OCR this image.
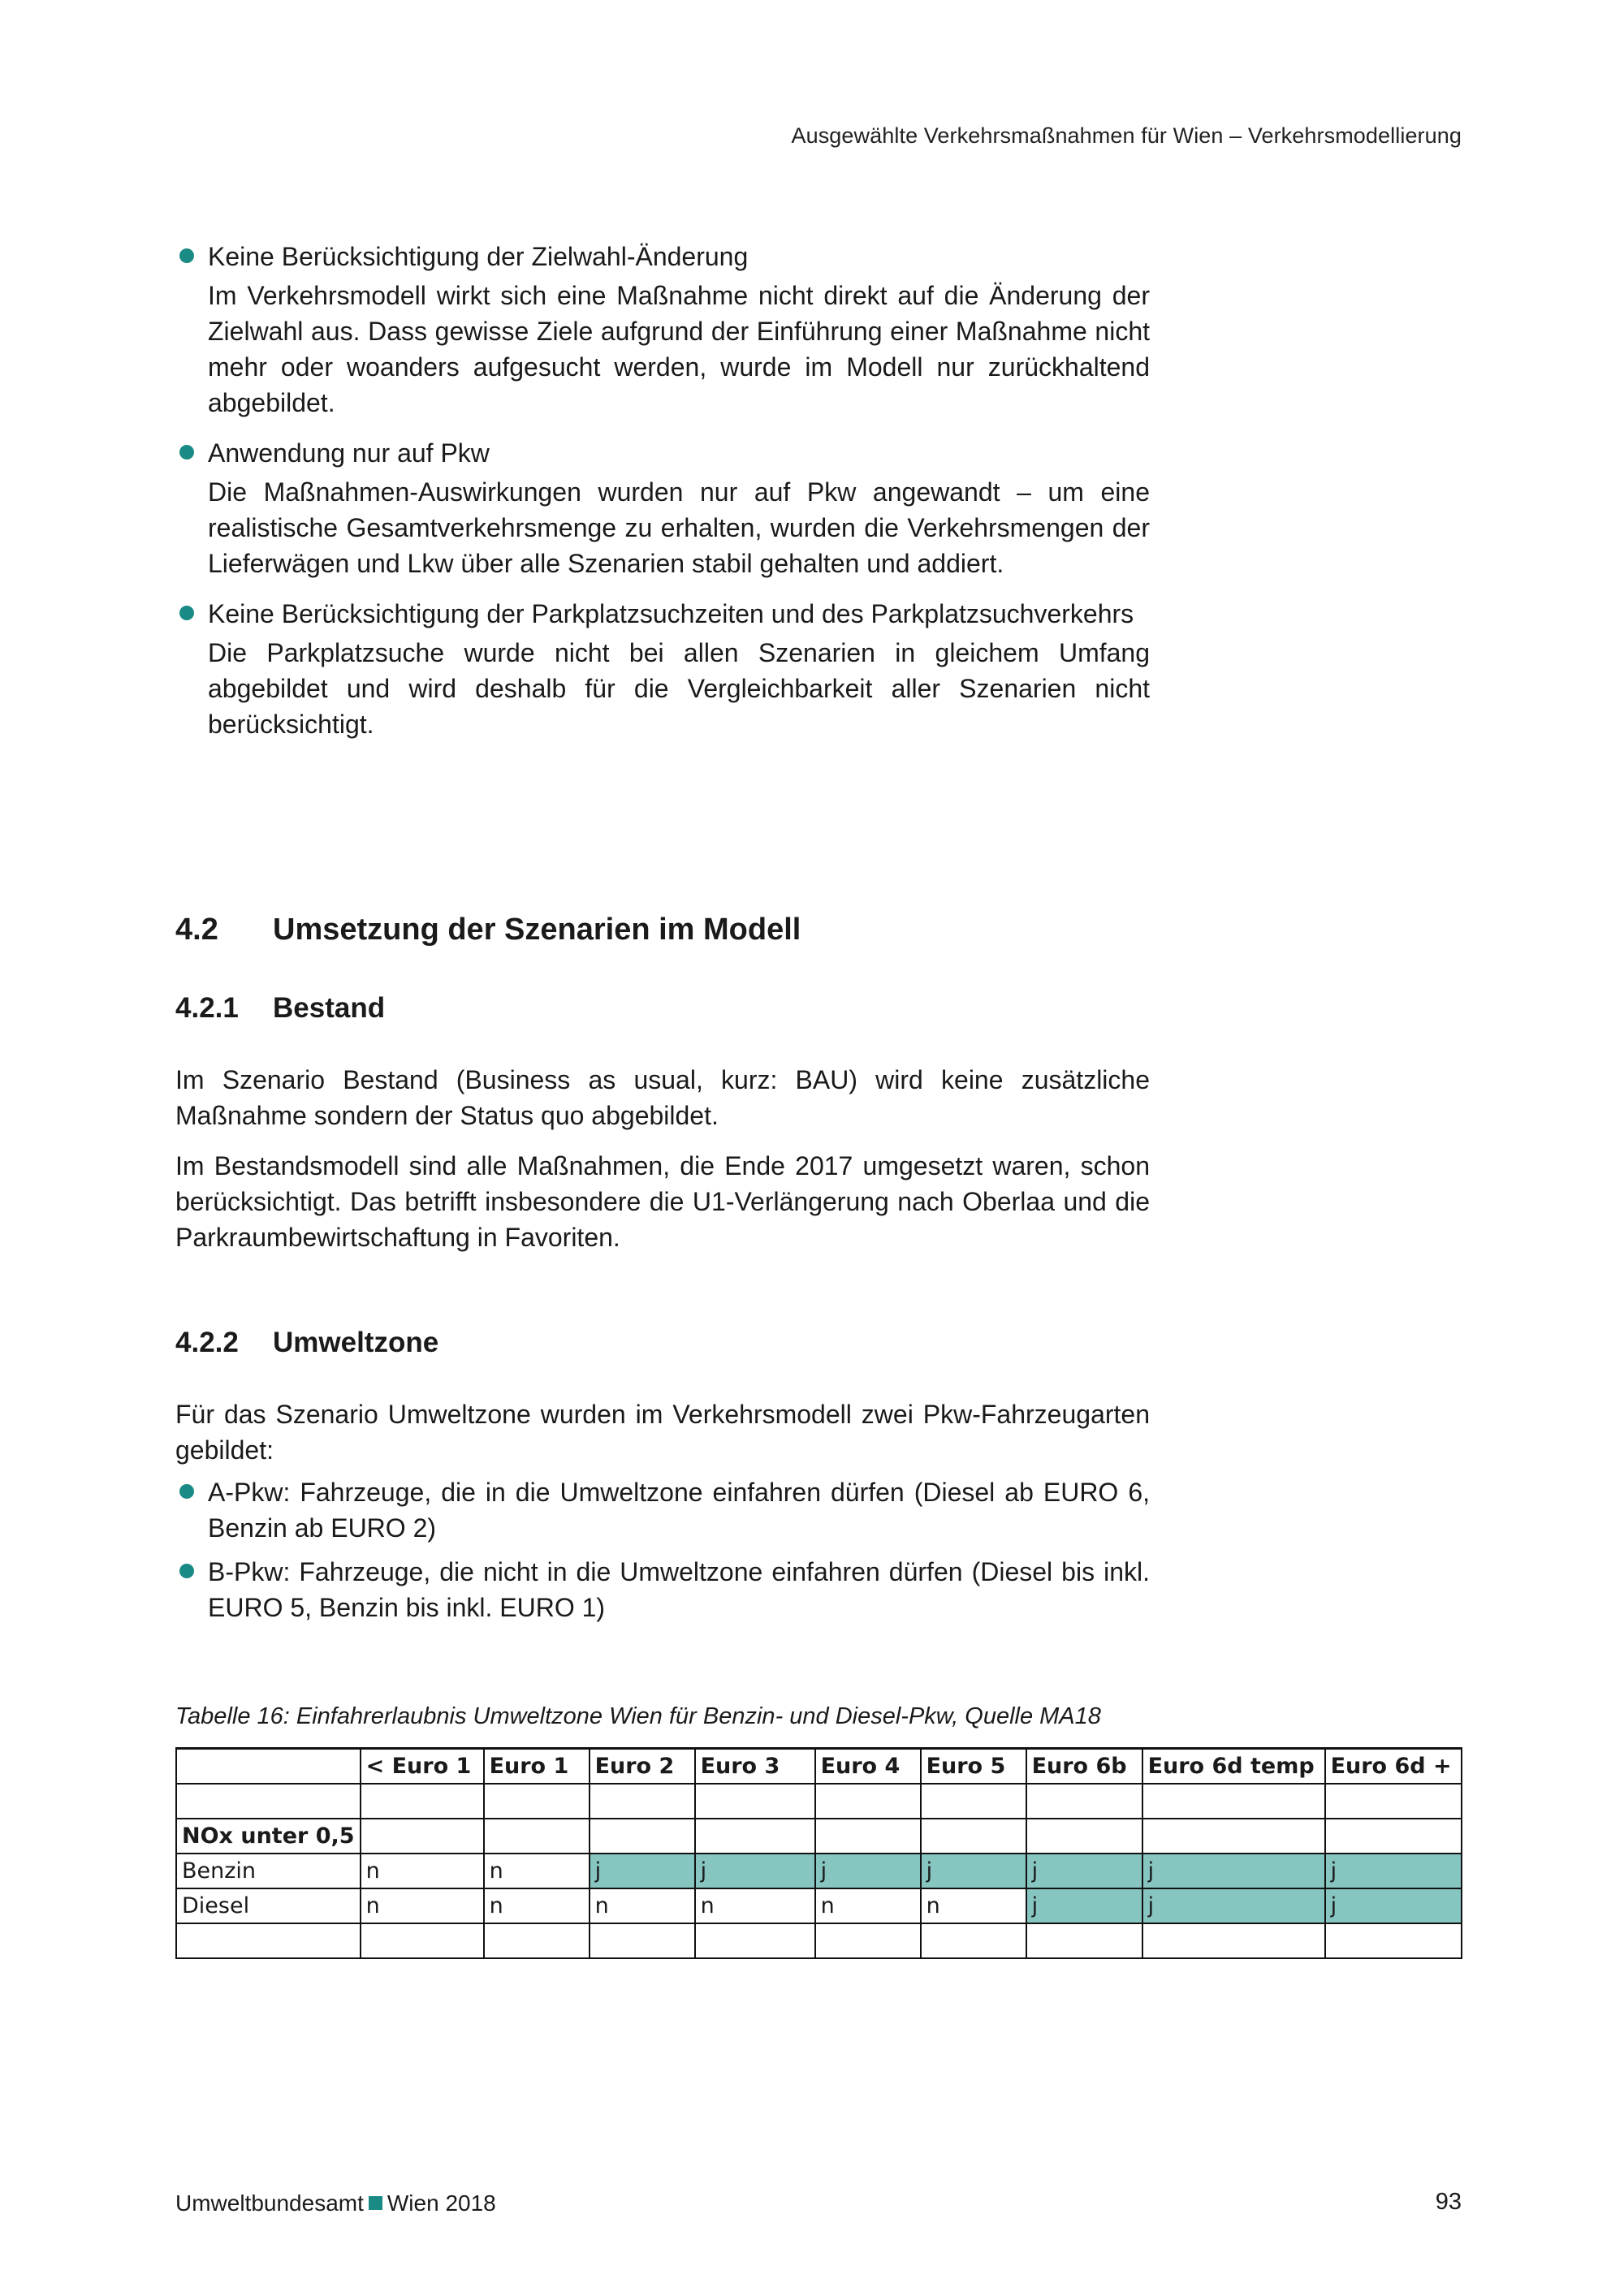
Ausgewählte Verkehrsmaßnahmen für Wien – Verkehrsmodellierung
Keine Berücksichtigung der Zielwahl-Änderung
Im Verkehrsmodell wirkt sich eine Maßnahme nicht direkt auf die Änderung der Zielwahl aus. Dass gewisse Ziele aufgrund der Einführung einer Maßnahme nicht mehr oder woanders aufgesucht werden, wurde im Modell nur zurückhaltend abgebildet.
Anwendung nur auf Pkw
Die Maßnahmen-Auswirkungen wurden nur auf Pkw angewandt – um eine realistische Gesamtverkehrsmenge zu erhalten, wurden die Verkehrsmengen der Lieferwägen und Lkw über alle Szenarien stabil gehalten und addiert.
Keine Berücksichtigung der Parkplatzsuchzeiten und des Parkplatzsuchverkehrs
Die Parkplatzsuche wurde nicht bei allen Szenarien in gleichem Umfang abgebildet und wird deshalb für die Vergleichbarkeit aller Szenarien nicht berücksichtigt.
4.2 Umsetzung der Szenarien im Modell
4.2.1 Bestand
Im Szenario Bestand (Business as usual, kurz: BAU) wird keine zusätzliche Maßnahme sondern der Status quo abgebildet.
Im Bestandsmodell sind alle Maßnahmen, die Ende 2017 umgesetzt waren, schon berücksichtigt. Das betrifft insbesondere die U1-Verlängerung nach Oberlaa und die Parkraumbewirtschaftung in Favoriten.
4.2.2 Umweltzone
Für das Szenario Umweltzone wurden im Verkehrsmodell zwei Pkw-Fahrzeugarten gebildet:
A-Pkw: Fahrzeuge, die in die Umweltzone einfahren dürfen (Diesel ab EURO 6, Benzin ab EURO 2)
B-Pkw: Fahrzeuge, die nicht in die Umweltzone einfahren dürfen (Diesel bis inkl. EURO 5, Benzin bis inkl. EURO 1)
Tabelle 16: Einfahrerlaubnis Umweltzone Wien für Benzin- und Diesel-Pkw, Quelle MA18
	< Euro 1	Euro 1	Euro 2	Euro 3	Euro 4	Euro 5	Euro 6b	Euro 6d temp	Euro 6d +

NOx unter 0,5									
Benzin	n	n	j	j	j	j	j	j	j
Diesel	n	n	n	n	n	n	j	j	j

Umweltbundesamt Wien 2018	93
